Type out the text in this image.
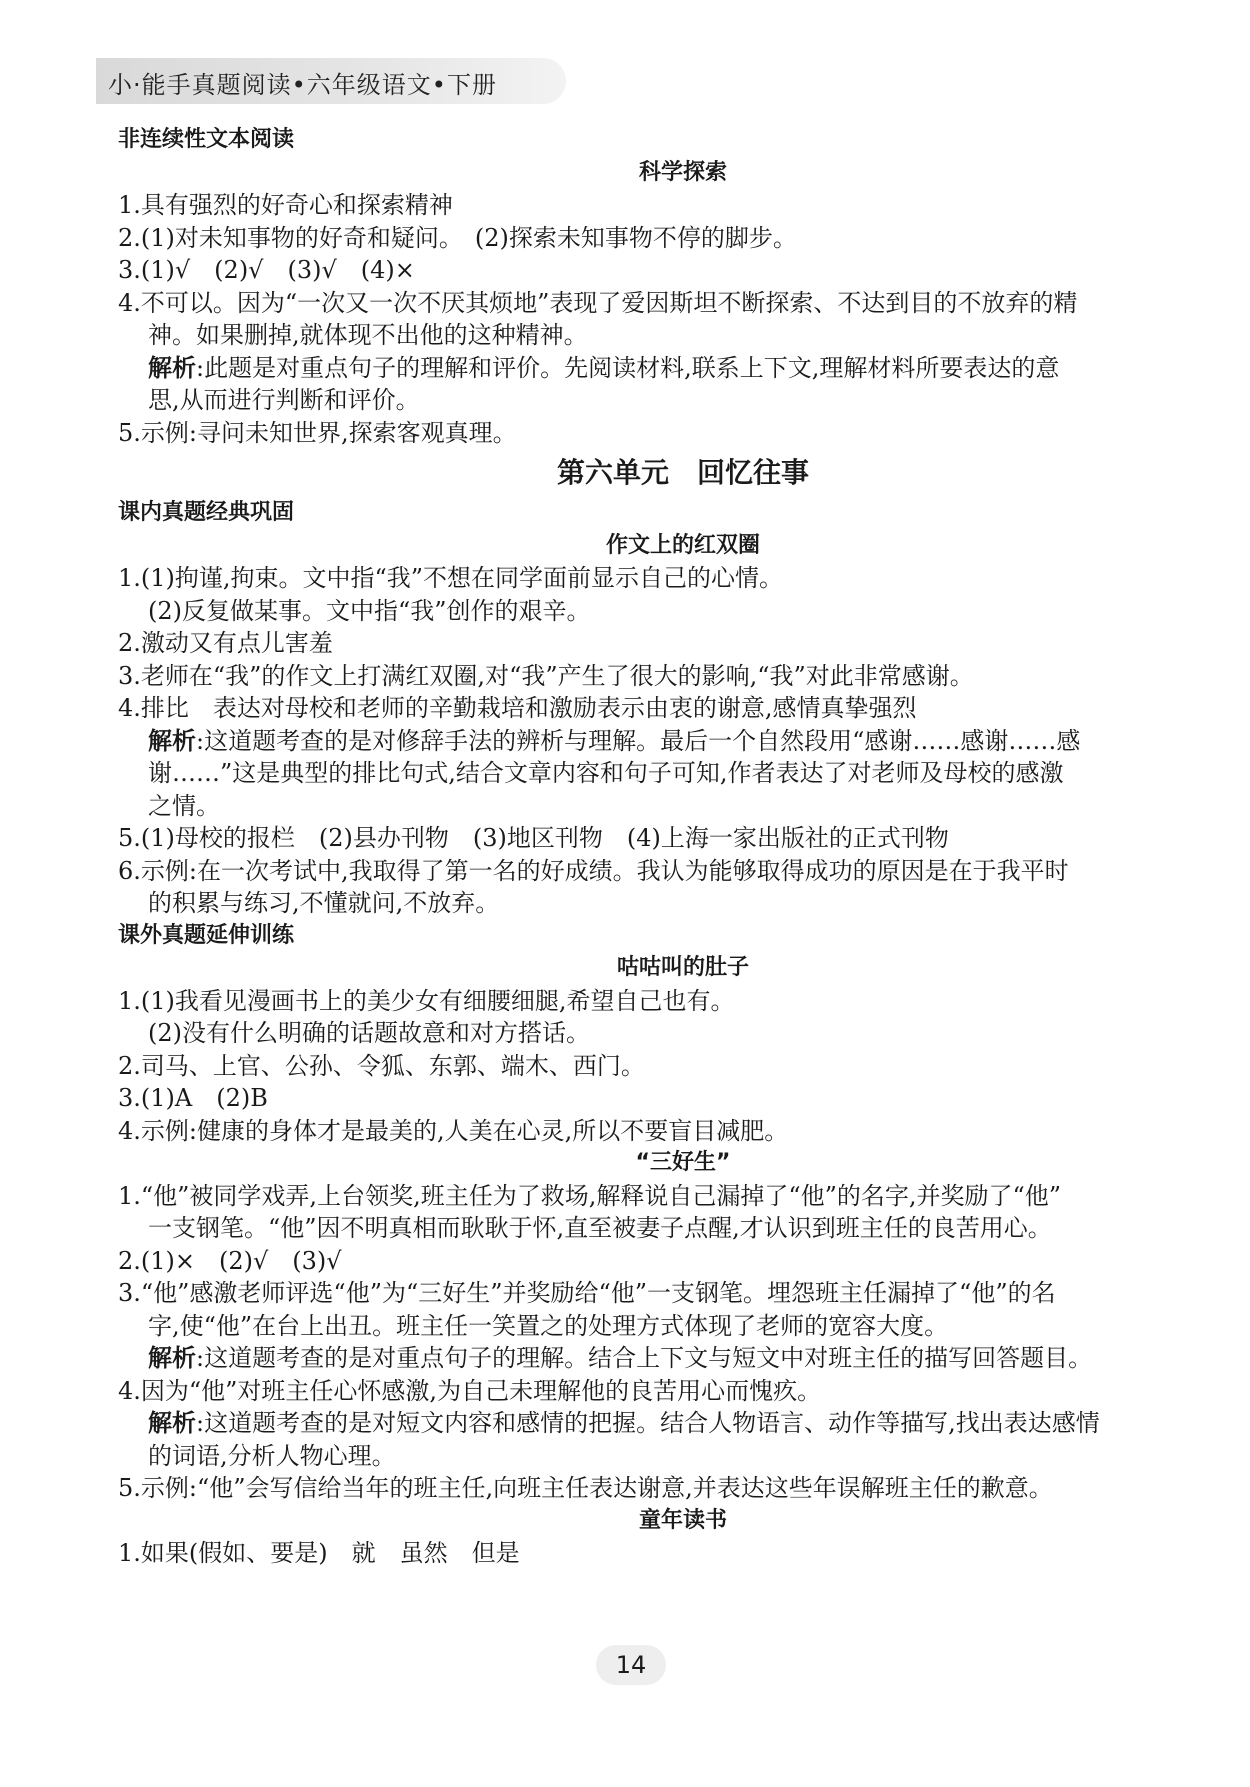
小·能手真题阅读•六年级语文•下册

非连续性文本阅读

科学探索

1.具有强烈的好奇心和探索精神

2.(1)对未知事物的好奇和疑问。　(2)探索未知事物不停的脚步。

3.(1)√　(2)√　(3)√　(4)×

4.不可以。因为“一次又一次不厌其烦地”表现了爱因斯坦不断探索、不达到目的不放弃的精

神。如果删掉,就体现不出他的这种精神。

解析:此题是对重点句子的理解和评价。先阅读材料,联系上下文,理解材料所要表达的意

思,从而进行判断和评价。

5.示例:寻问未知世界,探索客观真理。

第六单元　回忆往事

课内真题经典巩固

作文上的红双圈

1.(1)拘谨,拘束。文中指“我”不想在同学面前显示自己的心情。

(2)反复做某事。文中指“我”创作的艰辛。

2.激动又有点儿害羞

3.老师在“我”的作文上打满红双圈,对“我”产生了很大的影响,“我”对此非常感谢。

4.排比　表达对母校和老师的辛勤栽培和激励表示由衷的谢意,感情真挚强烈

解析:这道题考查的是对修辞手法的辨析与理解。最后一个自然段用“感谢……感谢……感

谢……”这是典型的排比句式,结合文章内容和句子可知,作者表达了对老师及母校的感激

之情。

5.(1)母校的报栏　(2)县办刊物　(3)地区刊物　(4)上海一家出版社的正式刊物

6.示例:在一次考试中,我取得了第一名的好成绩。我认为能够取得成功的原因是在于我平时

的积累与练习,不懂就问,不放弃。

课外真题延伸训练

咕咕叫的肚子

1.(1)我看见漫画书上的美少女有细腰细腿,希望自己也有。

(2)没有什么明确的话题故意和对方搭话。

2.司马、上官、公孙、令狐、东郭、端木、西门。

3.(1)A　(2)B

4.示例:健康的身体才是最美的,人美在心灵,所以不要盲目减肥。

“三好生”

1.“他”被同学戏弄,上台领奖,班主任为了救场,解释说自己漏掉了“他”的名字,并奖励了“他”

一支钢笔。“他”因不明真相而耿耿于怀,直至被妻子点醒,才认识到班主任的良苦用心。

2.(1)×　(2)√　(3)√

3.“他”感激老师评选“他”为“三好生”并奖励给“他”一支钢笔。埋怨班主任漏掉了“他”的名

字,使“他”在台上出丑。班主任一笑置之的处理方式体现了老师的宽容大度。

解析:这道题考查的是对重点句子的理解。结合上下文与短文中对班主任的描写回答题目。

4.因为“他”对班主任心怀感激,为自己未理解他的良苦用心而愧疚。

解析:这道题考查的是对短文内容和感情的把握。结合人物语言、动作等描写,找出表达感情

的词语,分析人物心理。

5.示例:“他”会写信给当年的班主任,向班主任表达谢意,并表达这些年误解班主任的歉意。

童年读书

1.如果(假如、要是)　就　虽然　但是

14
